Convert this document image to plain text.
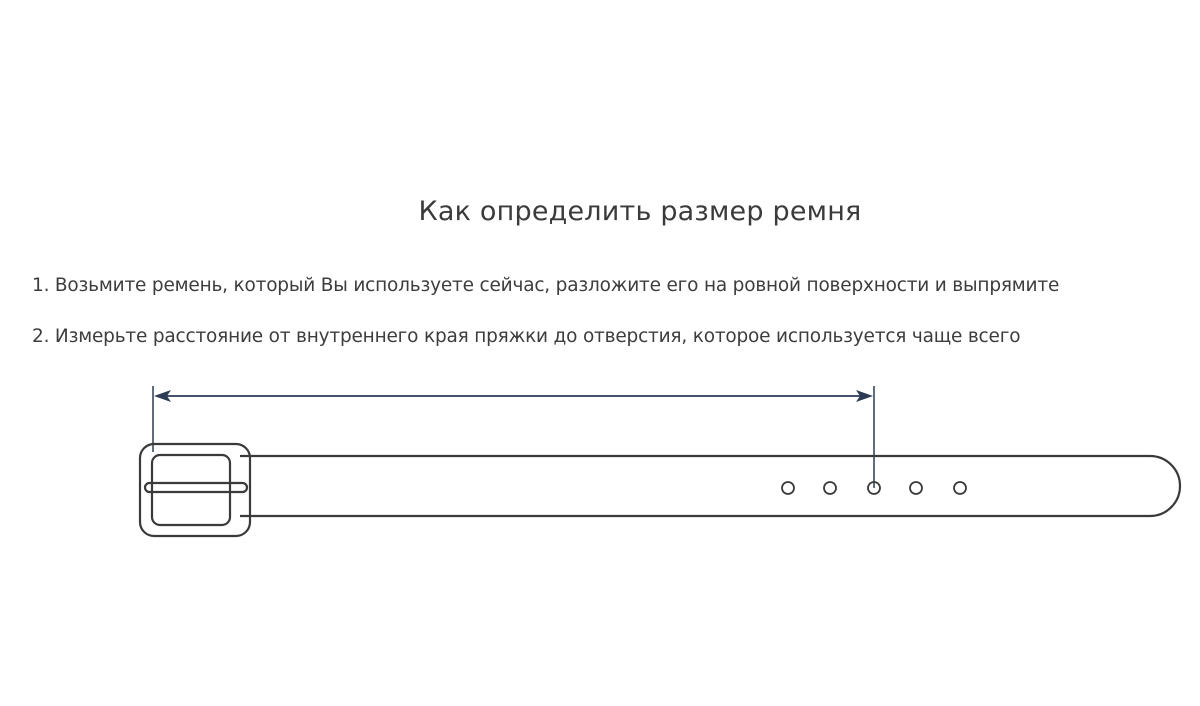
Как определить размер ремня
1. Возьмите ремень, который Вы используете сейчас, разложите его на ровной поверхности и выпрямите
2. Измерьте расстояние от внутреннего края пряжки до отверстия, которое используется чаще всего
